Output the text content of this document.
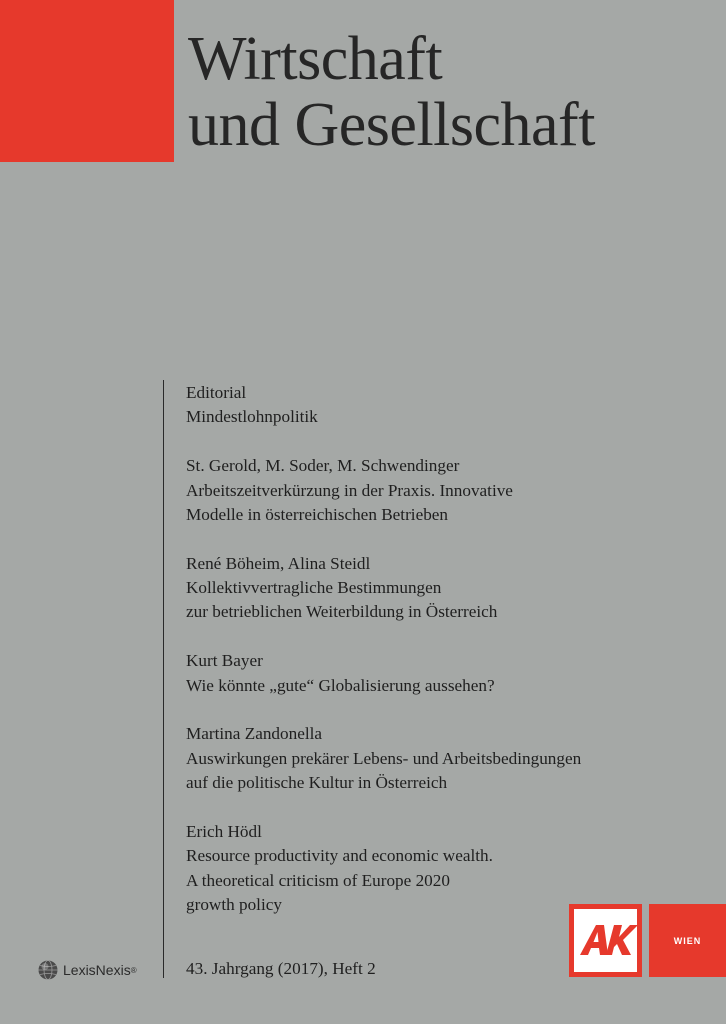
Wirtschaft
und Gesellschaft
Editorial
Mindestlohnpolitik
St. Gerold, M. Soder, M. Schwendinger
Arbeitszeitverkürzung in der Praxis. Innovative
Modelle in österreichischen Betrieben
René Böheim, Alina Steidl
Kollektivvertragliche Bestimmungen
zur betrieblichen Weiterbildung in Österreich
Kurt Bayer
Wie könnte „gute“ Globalisierung aussehen?
Martina Zandonella
Auswirkungen prekärer Lebens- und Arbeitsbedingungen
auf die politische Kultur in Österreich
Erich Hödl
Resource productivity and economic wealth.
A theoretical criticism of Europe 2020
growth policy
43. Jahrgang (2017), Heft 2
LexisNexis ®
WIEN
